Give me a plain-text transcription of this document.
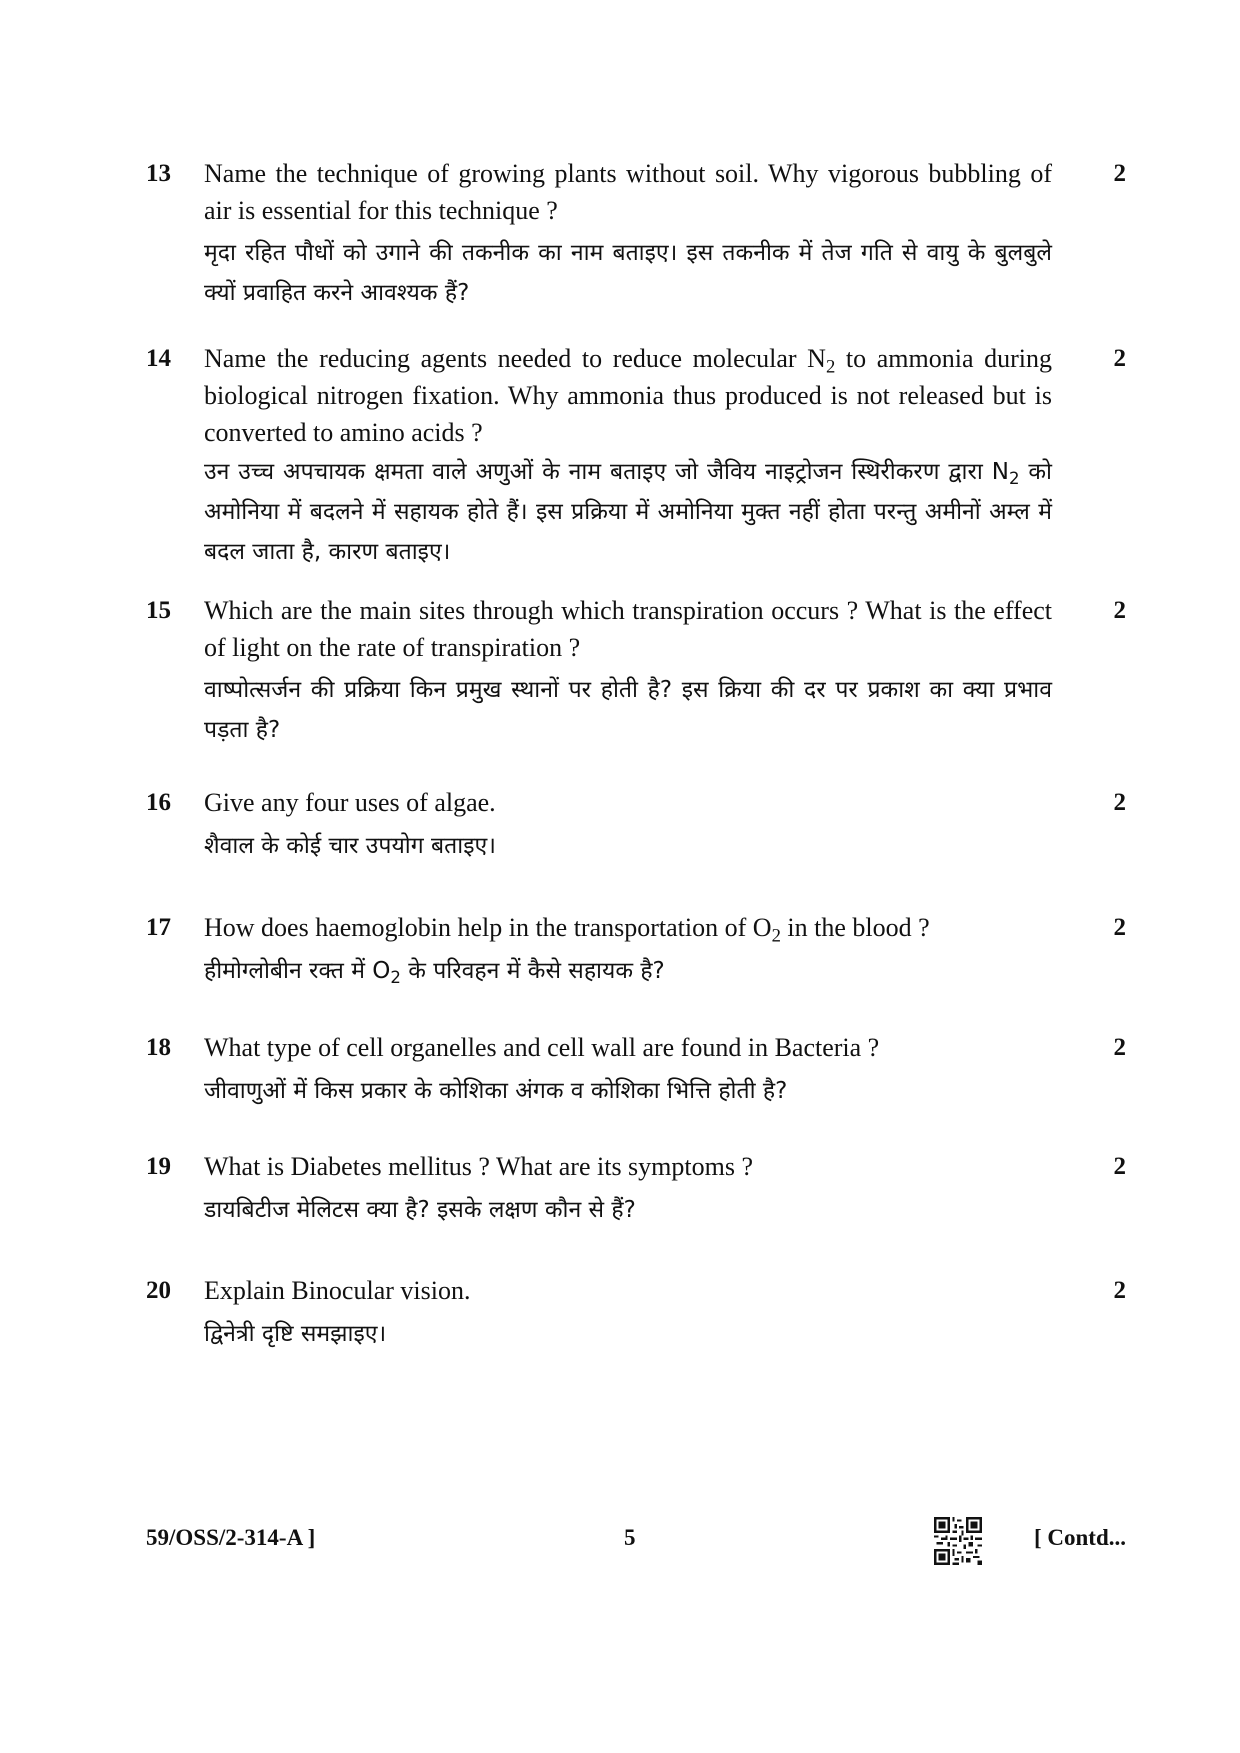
13	Name the technique of growing plants without soil. Why vigorous bubbling of air is essential for this technique ?
मृदा रहित पौधों को उगाने की तकनीक का नाम बताइए। इस तकनीक में तेज गति से वायु के बुलबुले क्यों प्रवाहित करने आवश्यक हैं?
2
14	Name the reducing agents needed to reduce molecular $N_2$ to ammonia during biological nitrogen fixation. Why ammonia thus produced is not released but is converted to amino acids ?
उन उच्च अपचायक क्षमता वाले अणुओं के नाम बताइए जो जैविय नाइट्रोजन स्थिरीकरण द्वारा $N_2$ को अमोनिया में बदलने में सहायक होते हैं। इस प्रक्रिया में अमोनिया मुक्त नहीं होता परन्तु अमीनों अम्ल में बदल जाता है, कारण बताइए।
2
15	Which are the main sites through which transpiration occurs ? What is the effect of light on the rate of transpiration ?
वाष्पोत्सर्जन की प्रक्रिया किन प्रमुख स्थानों पर होती है? इस क्रिया की दर पर प्रकाश का क्या प्रभाव पड़ता है?
2
16	Give any four uses of algae.
शैवाल के कोई चार उपयोग बताइए।
2
17	How does haemoglobin help in the transportation of $O_2$ in the blood ?
हीमोग्लोबीन रक्त में $O_2$ के परिवहन में कैसे सहायक है?
2
18	What type of cell organelles and cell wall are found in Bacteria ?
जीवाणुओं में किस प्रकार के कोशिका अंगक व कोशिका भित्ति होती है?
2
19	What is Diabetes mellitus ? What are its symptoms ?
डायबिटीज मेलिटस क्या है? इसके लक्षण कौन से हैं?
2
20	Explain Binocular vision.
द्विनेत्री दृष्टि समझाइए।
2
59/OSS/2-314-A ]	5	[ Contd...
